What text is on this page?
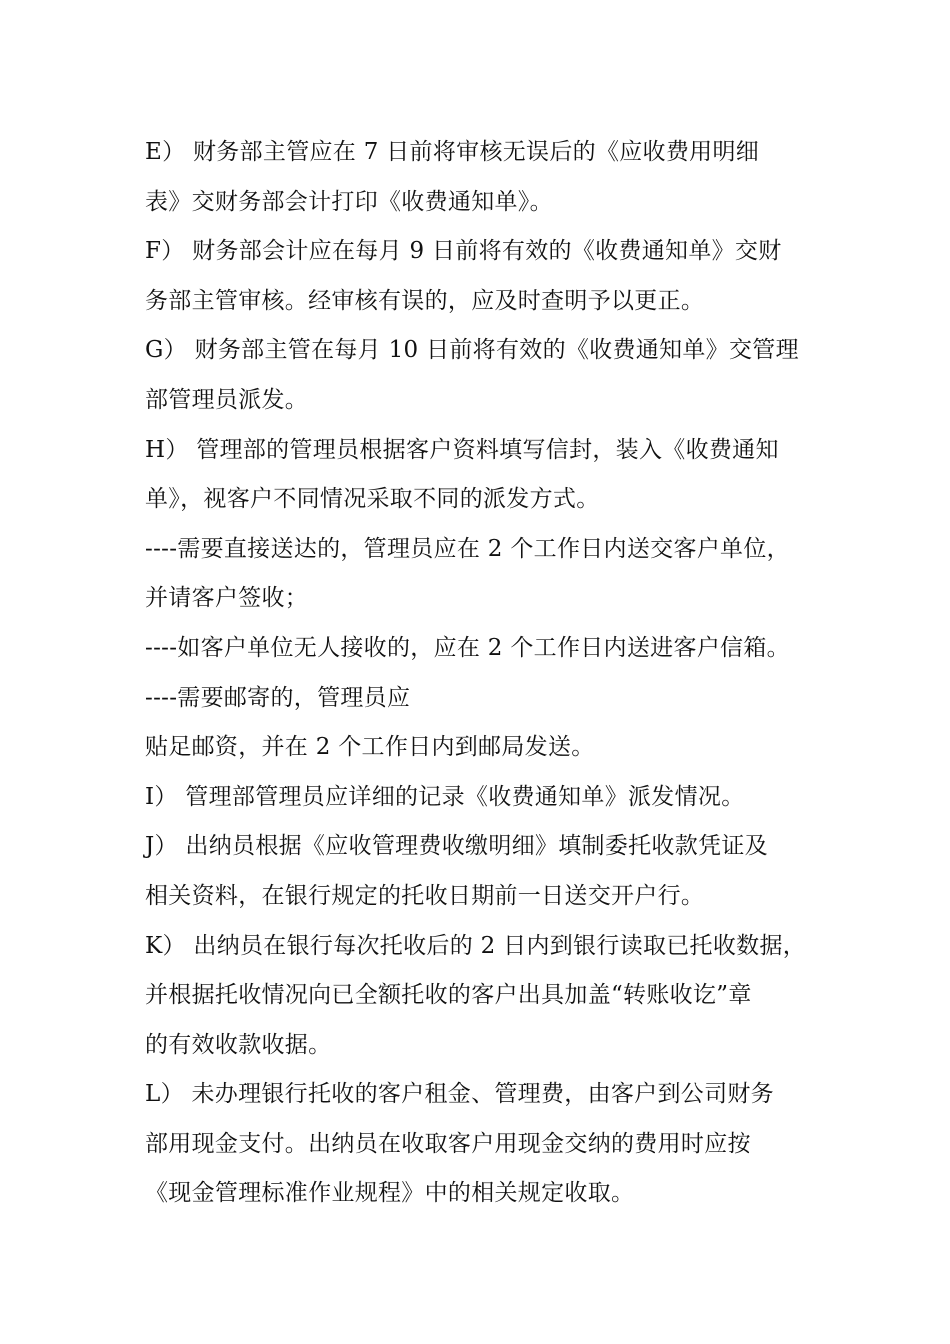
E） 财务部主管应在 7 日前将审核无误后的《应收费用明细
表》交财务部会计打印《收费通知单》。
F） 财务部会计应在每月 9 日前将有效的《收费通知单》交财
务部主管审核。经审核有误的，应及时查明予以更正。
G） 财务部主管在每月 10 日前将有效的《收费通知单》交管理
部管理员派发。
H） 管理部的管理员根据客户资料填写信封，装入《收费通知
单》，视客户不同情况采取不同的派发方式。
----需要直接送达的，管理员应在 2 个工作日内送交客户单位，
并请客户签收；
----如客户单位无人接收的，应在 2 个工作日内送进客户信箱。
----需要邮寄的，管理员应
贴足邮资，并在 2 个工作日内到邮局发送。
I） 管理部管理员应详细的记录《收费通知单》派发情况。
J） 出纳员根据《应收管理费收缴明细》填制委托收款凭证及
相关资料，在银行规定的托收日期前一日送交开户行。
K） 出纳员在银行每次托收后的 2 日内到银行读取已托收数据，
并根据托收情况向已全额托收的客户出具加盖“转账收讫”章
的有效收款收据。
L） 未办理银行托收的客户租金、管理费，由客户到公司财务
部用现金支付。出纳员在收取客户用现金交纳的费用时应按
《现金管理标准作业规程》中的相关规定收取。
